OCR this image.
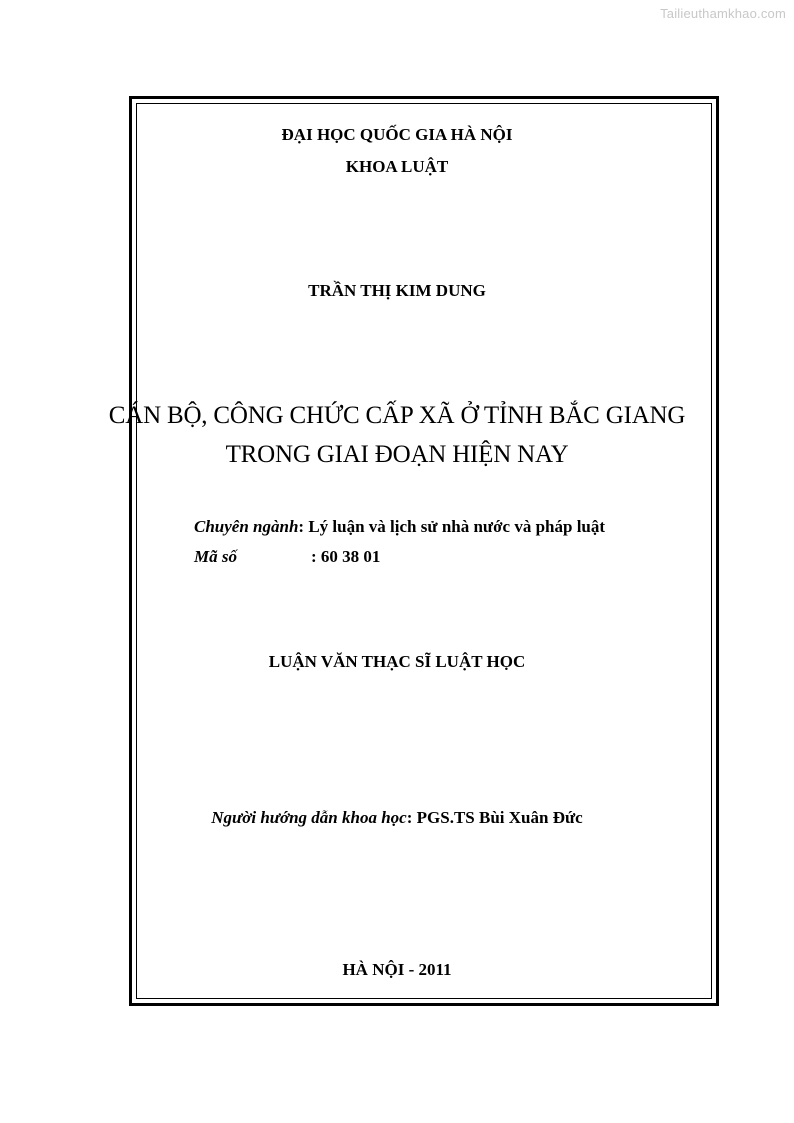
Tailieuthamkhao.com
ĐẠI HỌC QUỐC GIA HÀ NỘI
KHOA LUẬT
TRẦN THỊ KIM DUNG
CÁN BỘ, CÔNG CHỨC CẤP XÃ Ở TỈNH BẮC GIANG
TRONG GIAI ĐOẠN HIỆN NAY
Chuyên ngành: Lý luận và lịch sử nhà nước và pháp luật
Mã số	: 60 38 01
LUẬN VĂN THẠC SĨ LUẬT HỌC
Người hướng dẫn khoa học: PGS.TS Bùi Xuân Đức
HÀ NỘI - 2011
